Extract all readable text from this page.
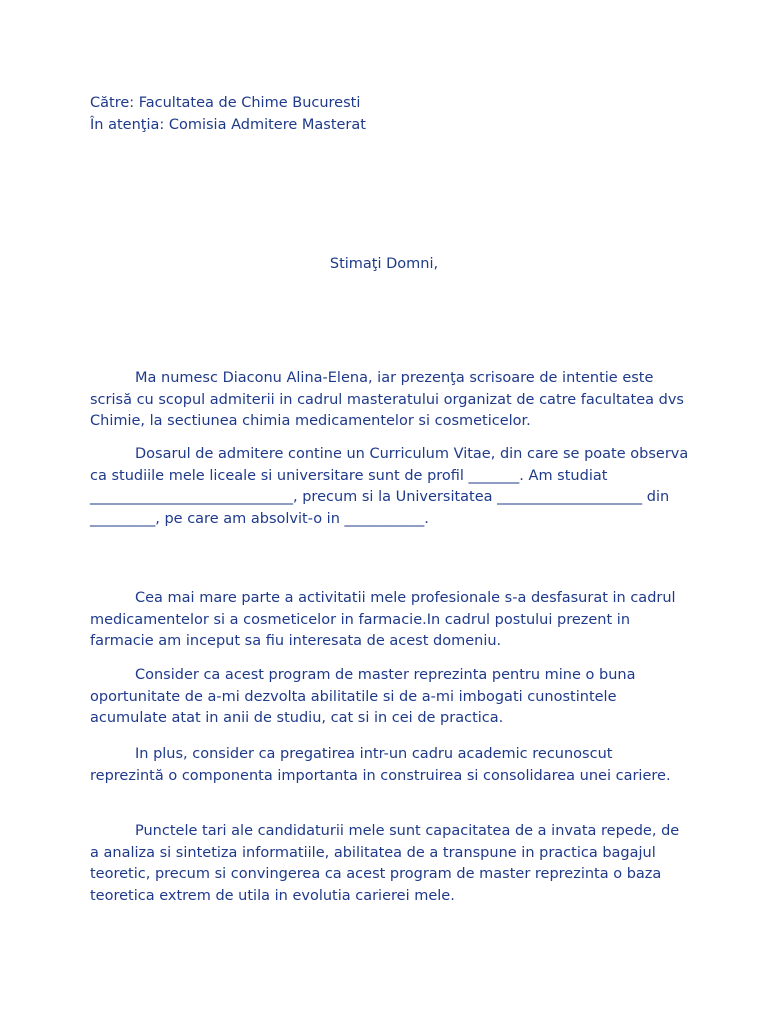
Către: Facultatea de Chime Bucuresti
În atenţia: Comisia Admitere Masterat
Stimaţi Domni,
Ma numesc Diaconu Alina-Elena, iar prezenţa scrisoare de intentie este scrisă cu scopul admiterii in cadrul masteratului organizat de catre facultatea dvs Chimie, la sectiunea chimia medicamentelor si cosmeticelor.
Dosarul de admitere contine un Curriculum Vitae, din care se poate observa ca studiile mele liceale si universitare sunt de profil _______. Am studiat ____________________________, precum si la Universitatea ____________________ din _________, pe care am absolvit-o in ___________.
Cea mai mare parte a activitatii mele profesionale s-a desfasurat in cadrul medicamentelor si a cosmeticelor in farmacie.In cadrul postului prezent in farmacie am inceput sa fiu interesata de acest domeniu.
Consider ca acest program de master reprezinta pentru mine o buna oportunitate de a-mi dezvolta abilitatile si de a-mi imbogati cunostintele acumulate atat in anii de studiu, cat si in cei de practica.
In plus, consider ca pregatirea intr-un cadru academic recunoscut reprezintă o componenta importanta in construirea si consolidarea unei cariere.
Punctele tari ale candidaturii mele sunt capacitatea de a invata repede, de a analiza si sintetiza informatiile, abilitatea de a transpune in practica bagajul teoretic, precum si convingerea ca acest program de master reprezinta o baza teoretica extrem de utila in evolutia carierei mele.
